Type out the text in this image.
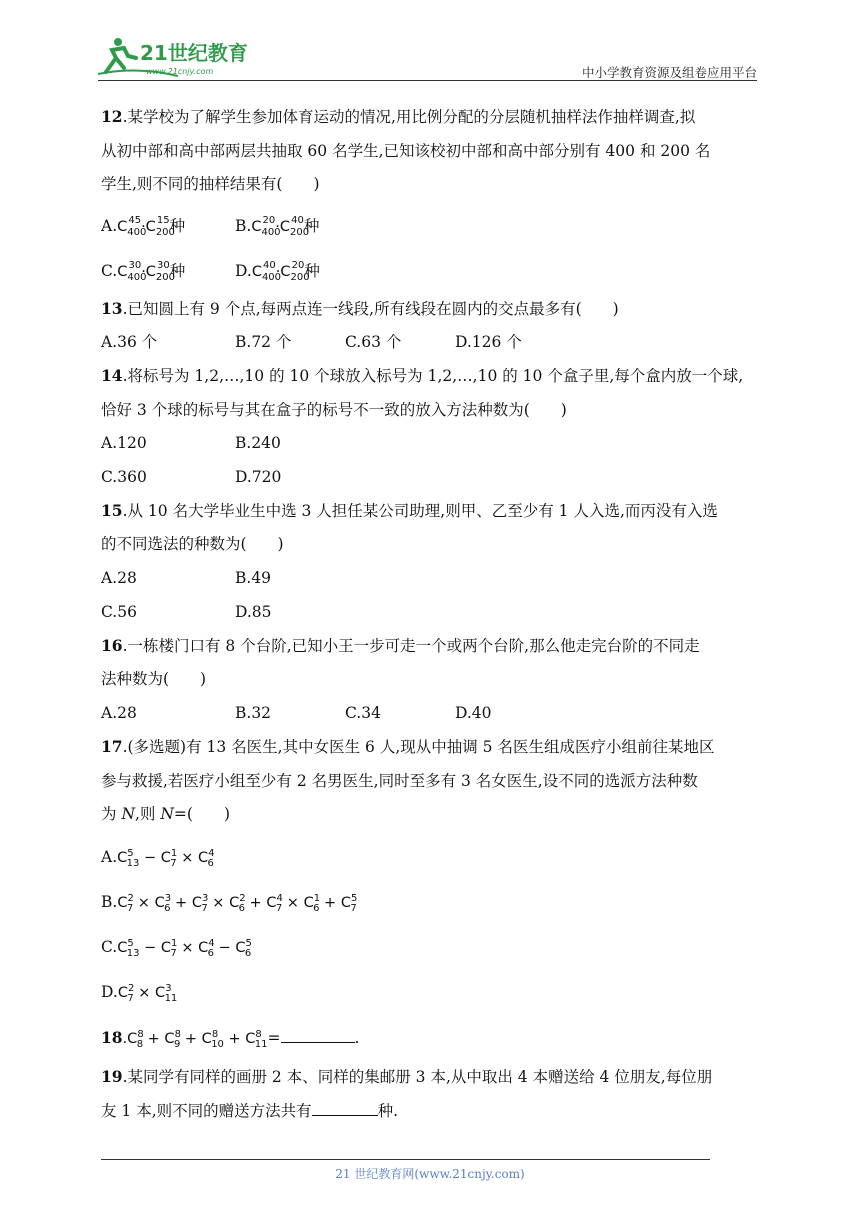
21世纪教育
www.21cnjy.com	中小学教育资源及组卷应用平台
12.某学校为了解学生参加体育运动的情况,用比例分配的分层随机抽样法作抽样调查,拟
从初中部和高中部两层共抽取 60 名学生,已知该校初中部和高中部分别有 400 和 200 名
学生,则不同的抽样结果有(　　)
$A.C_{400}^{45}\cdot C_{200}^{15}$种	$B.C_{400}^{20}\cdot C_{200}^{40}$种
$C.C_{400}^{30}\cdot C_{200}^{30}$种	$D.C_{400}^{40}\cdot C_{200}^{20}$种
13.已知圆上有 9 个点,每两点连一线段,所有线段在圆内的交点最多有(　　)
A.36 个	B.72 个	C.63 个	D.126 个
14.将标号为 1,2,…,10 的 10 个球放入标号为 1,2,…,10 的 10 个盒子里,每个盒内放一个球,
恰好 3 个球的标号与其在盒子的标号不一致的放入方法种数为(　　)
A.120	B.240
C.360	D.720
15.从 10 名大学毕业生中选 3 人担任某公司助理,则甲、乙至少有 1 人入选,而丙没有入选
的不同选法的种数为(　　)
A.28	B.49
C.56	D.85
16.一栋楼门口有 8 个台阶,已知小王一步可走一个或两个台阶,那么他走完台阶的不同走
法种数为(　　)
A.28	B.32	C.34	D.40
17.(多选题)有 13 名医生,其中女医生 6 人,现从中抽调 5 名医生组成医疗小组前往某地区
参与救援,若医疗小组至少有 2 名男医生,同时至多有 3 名女医生,设不同的选派方法种数
为 N,则 N=(　　)
$A.C^5_{13} - C^1_7 \times C^4_6$
$B.C^2_7 \times C^3_6 + C^3_7 \times C^2_6 + C^4_7 \times C^1_6 + C^5_7$
$C.C^5_{13} - C^1_7 \times C^4_6 - C^5_6$
$D.C^2_7 \times C^3_{11}$
$18.C^8_8 + C^8_9 + C^8_{10} + C^8_{11}=$	.
19.某同学有同样的画册 2 本、同样的集邮册 3 本,从中取出 4 本赠送给 4 位朋友,每位朋
友 1 本,则不同的赠送方法共有	种.
21 世纪教育网(www.21cnjy.com)
